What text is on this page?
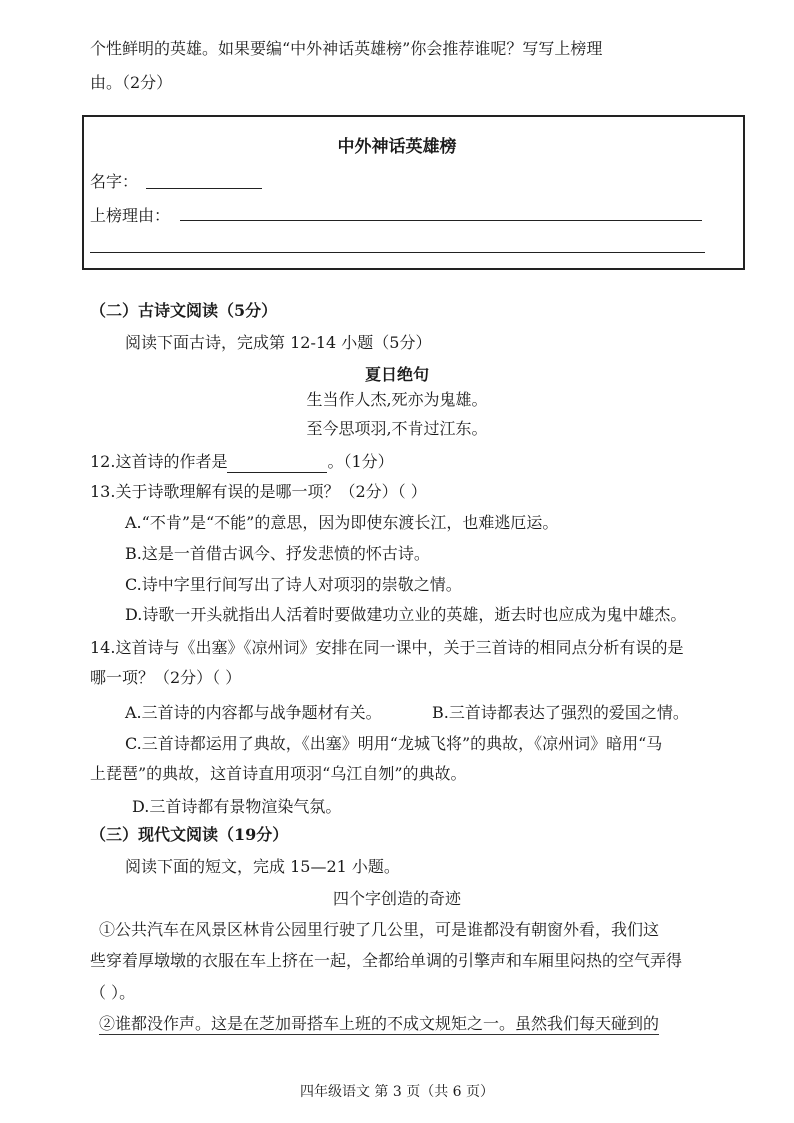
个性鲜明的英雄。如果要编“中外神话英雄榜”你会推荐谁呢？写写上榜理
由。（2分）
中外神话英雄榜
名字：
上榜理由：
（二）古诗文阅读（5分）
阅读下面古诗，完成第 12-14 小题（5分）
夏日绝句
生当作人杰,死亦为鬼雄。
至今思项羽,不肯过江东。
12.这首诗的作者是	。（1分）
13.关于诗歌理解有误的是哪一项？（2分）（ ）
A.“不肯”是“不能”的意思，因为即使东渡长江，也难逃厄运。
B.这是一首借古讽今、抒发悲愤的怀古诗。
C.诗中字里行间写出了诗人对项羽的崇敬之情。
D.诗歌一开头就指出人活着时要做建功立业的英雄，逝去时也应成为鬼中雄杰。
14.这首诗与《出塞》《凉州词》安排在同一课中，关于三首诗的相同点分析有误的是
哪一项？（2分）（ ）
A.三首诗的内容都与战争题材有关。	B.三首诗都表达了强烈的爱国之情。
C.三首诗都运用了典故，《出塞》明用“龙城飞将”的典故，《凉州词》暗用“马
上琵琶”的典故，这首诗直用项羽“乌江自刎”的典故。
D.三首诗都有景物渲染气氛。
（三）现代文阅读（19分）
阅读下面的短文，完成 15—21 小题。
四个字创造的奇迹
①公共汽车在风景区林肯公园里行驶了几公里，可是谁都没有朝窗外看，我们这
些穿着厚墩墩的衣服在车上挤在一起，全都给单调的引擎声和车厢里闷热的空气弄得
（ ）。
②谁都没作声。这是在芝加哥搭车上班的不成文规矩之一。虽然我们每天碰到的
四年级语文 第 3 页（共 6 页）
